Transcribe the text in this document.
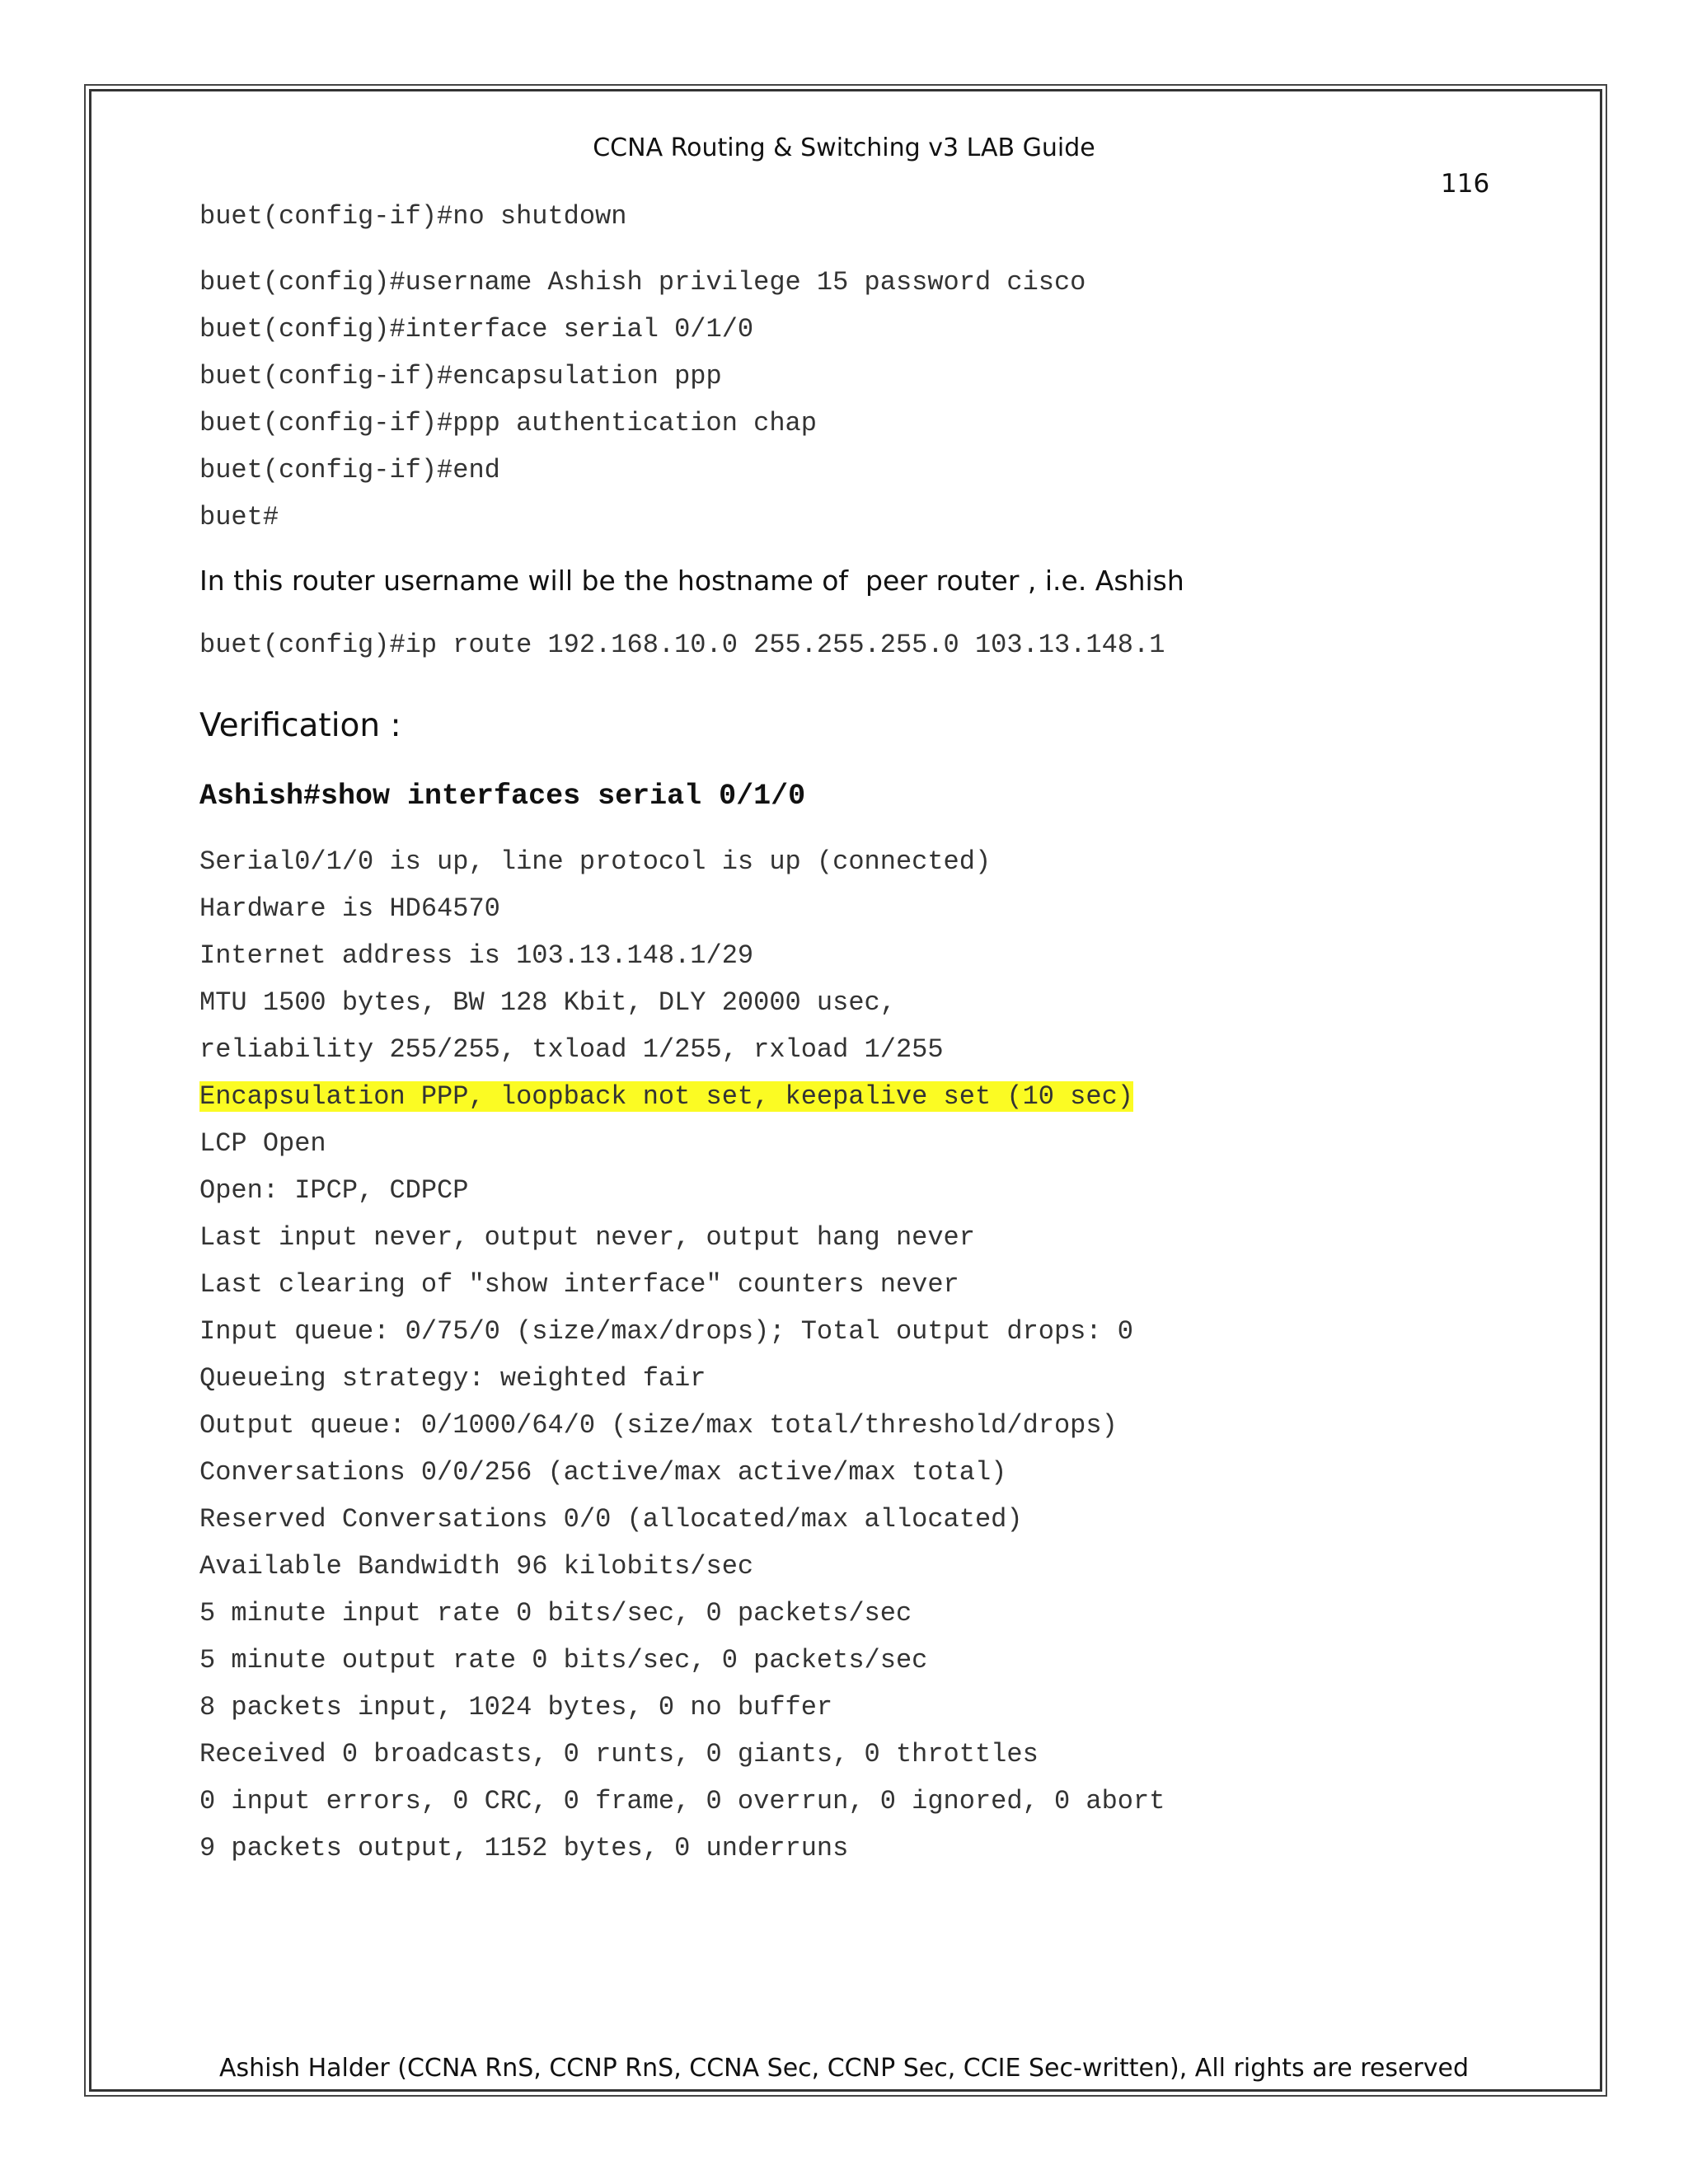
CCNA Routing & Switching v3 LAB Guide
116
buet(config-if)#no shutdown
buet(config)#username Ashish privilege 15 password cisco
buet(config)#interface serial 0/1/0
buet(config-if)#encapsulation ppp
buet(config-if)#ppp authentication chap
buet(config-if)#end
buet#
In this router username will be the hostname of  peer router , i.e. Ashish
buet(config)#ip route 192.168.10.0 255.255.255.0 103.13.148.1
Verification :
Ashish#show interfaces serial 0/1/0
Serial0/1/0 is up, line protocol is up (connected)
Hardware is HD64570
Internet address is 103.13.148.1/29
MTU 1500 bytes, BW 128 Kbit, DLY 20000 usec,
reliability 255/255, txload 1/255, rxload 1/255
Encapsulation PPP, loopback not set, keepalive set (10 sec)
LCP Open
Open: IPCP, CDPCP
Last input never, output never, output hang never
Last clearing of "show interface" counters never
Input queue: 0/75/0 (size/max/drops); Total output drops: 0
Queueing strategy: weighted fair
Output queue: 0/1000/64/0 (size/max total/threshold/drops)
Conversations 0/0/256 (active/max active/max total)
Reserved Conversations 0/0 (allocated/max allocated)
Available Bandwidth 96 kilobits/sec
5 minute input rate 0 bits/sec, 0 packets/sec
5 minute output rate 0 bits/sec, 0 packets/sec
8 packets input, 1024 bytes, 0 no buffer
Received 0 broadcasts, 0 runts, 0 giants, 0 throttles
0 input errors, 0 CRC, 0 frame, 0 overrun, 0 ignored, 0 abort
9 packets output, 1152 bytes, 0 underruns
Ashish Halder (CCNA RnS, CCNP RnS, CCNA Sec, CCNP Sec, CCIE Sec-written), All rights are reserved
